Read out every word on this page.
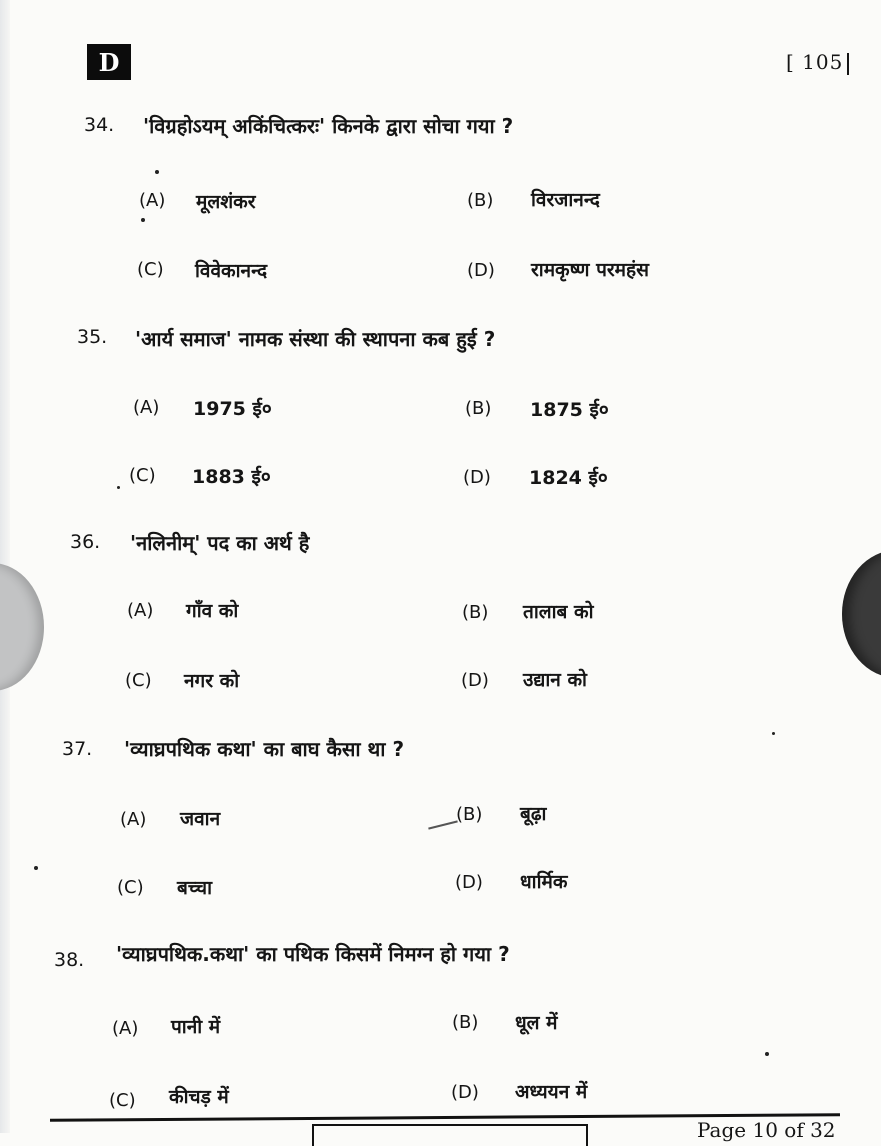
D	[ 105
34. 'विग्रहोऽयम् अकिंचित्करः' किनके द्वारा सोचा गया ?
(A) मूलशंकर	(B) विरजानन्द
(C) विवेकानन्द	(D) रामकृष्ण परमहंस
35. 'आर्य समाज' नामक संस्था की स्थापना कब हुई ?
(A) 1975 ई०	(B) 1875 ई०
(C) 1883 ई०	(D) 1824 ई०
36. 'नलिनीम्' पद का अर्थ है
(A) गाँव को	(B) तालाब को
(C) नगर को	(D) उद्यान को
37. 'व्याघ्रपथिक कथा' का बाघ कैसा था ?
(A) जवान	(B) बूढ़ा
(C) बच्चा	(D) धार्मिक
38. 'व्याघ्रपथिक.कथा' का पथिक किसमें निमग्न हो गया ?
(A) पानी में	(B) धूल में
(C) कीचड़ में	(D) अध्ययन में
Page 10 of 32
